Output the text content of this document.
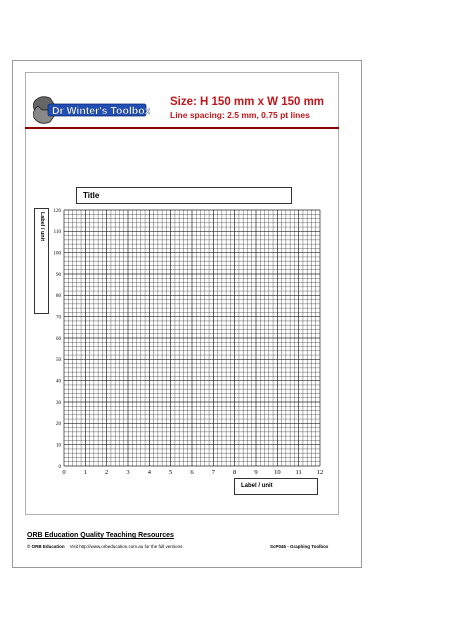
Dr Winter's Toolbox
Size: H 150 mm x W 150 mm
Line spacing: 2.5 mm, 0.75 pt lines
Title
Label / unit
0
10
20
30
40
50
60
70
80
90
100
110
120
0	1	2	3	4	5	6	7	8	9	10 11 12
Label / unit
ORB Education Quality Teaching Resources
© ORB Education Visit http://www.orbeducation.com.au for the full versions.	ScP046 - Graphing Toolbox
